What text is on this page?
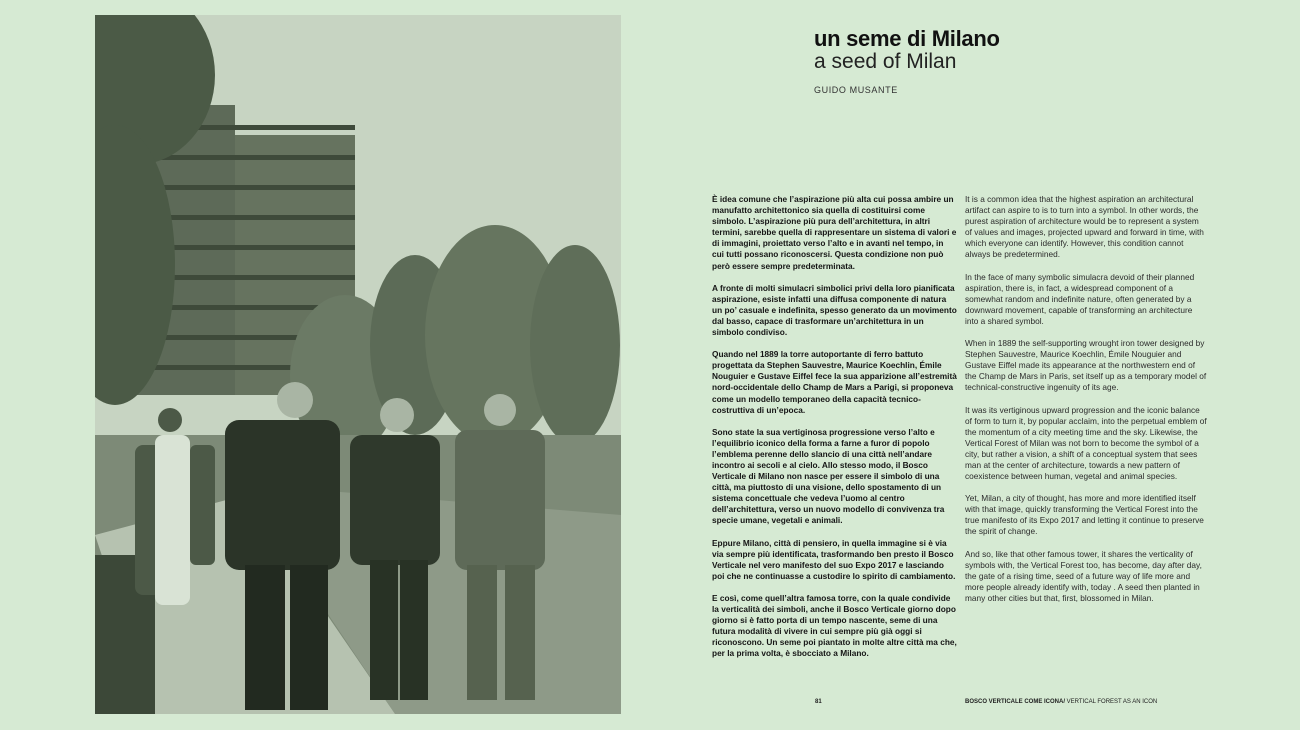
un seme di Milano
a seed of Milan
GUIDO MUSANTE

È idea comune che l’aspirazione più alta cui possa ambire un manufatto architettonico sia quella di costituirsi come simbolo. L’aspirazione più pura dell’architettura, in altri termini, sarebbe quella di rappresentare un sistema di valori e di immagini, proiettato verso l’alto e in avanti nel tempo, in cui tutti possano riconoscersi. Questa condizione non può però essere sempre predeterminata.

A fronte di molti simulacri simbolici privi della loro pianificata aspirazione, esiste infatti una diffusa componente di natura un po’ casuale e indefinita, spesso generato da un movimento dal basso, capace di trasformare un’architettura in un simbolo condiviso.

Quando nel 1889 la torre autoportante di ferro battuto progettata da Stephen Sauvestre, Maurice Koechlin, Émile Nouguier e Gustave Eiffel fece la sua apparizione all’estremità nord-occidentale dello Champ de Mars a Parigi, si proponeva come un modello temporaneo della capacità tecnico-costruttiva di un’epoca.

Sono state la sua vertiginosa progressione verso l’alto e l’equilibrio iconico della forma a farne a furor di popolo l’emblema perenne dello slancio di una città nell’andare incontro ai secoli e al cielo. Allo stesso modo, il Bosco Verticale di Milano non nasce per essere il simbolo di una città, ma piuttosto di una visione, dello spostamento di un sistema concettuale che vedeva l’uomo al centro dell’architettura, verso un nuovo modello di convivenza tra specie umane, vegetali e animali.

Eppure Milano, città di pensiero, in quella immagine si è via via sempre più identificata, trasformando ben presto il Bosco Verticale nel vero manifesto del suo Expo 2017 e lasciando poi che ne continuasse a custodire lo spirito di cambiamento.

E così, come quell’altra famosa torre, con la quale condivide la verticalità dei simboli, anche il Bosco Verticale giorno dopo giorno si è fatto porta di un tempo nascente, seme di una futura modalità di vivere in cui sempre più già oggi si riconoscono. Un seme poi piantato in molte altre città ma che, per la prima volta, è sbocciato a Milano.

It is a common idea that the highest aspiration an architectural artifact can aspire to is to turn into a symbol. In other words, the purest aspiration of architecture would be to represent a system of values and images, projected upward and forward in time, with which everyone can identify. However, this condition cannot always be predetermined.

In the face of many symbolic simulacra devoid of their planned aspiration, there is, in fact, a widespread component of a somewhat random and indefinite nature, often generated by a downward movement, capable of transforming an architecture into a shared symbol.

When in 1889 the self-supporting wrought iron tower designed by Stephen Sauvestre, Maurice Koechlin, Émile Nouguier and Gustave Eiffel made its appearance at the northwestern end of the Champ de Mars in Paris, set itself up as a temporary model of technical-constructive ingenuity of its age.

It was its vertiginous upward progression and the iconic balance of form to turn it, by popular acclaim, into the perpetual emblem of the momentum of a city meeting time and the sky. Likewise, the Vertical Forest of Milan was not born to become the symbol of a city, but rather a vision, a shift of a conceptual system that sees man at the center of architecture, towards a new pattern of coexistence between human, vegetal and animal species.

Yet, Milan, a city of thought, has more and more identified itself with that image, quickly transforming the Vertical Forest into the true manifesto of its Expo 2017 and letting it continue to preserve the spirit of change.

And so, like that other famous tower, it shares the verticality of symbols with, the Vertical Forest too, has become, day after day, the gate of a rising time, seed of a future way of life more and more people already identify with, today . A seed then planted in many other cities but that, first, blossomed in Milan.

81	BOSCO VERTICALE COME ICONA/ VERTICAL FOREST AS AN ICON
